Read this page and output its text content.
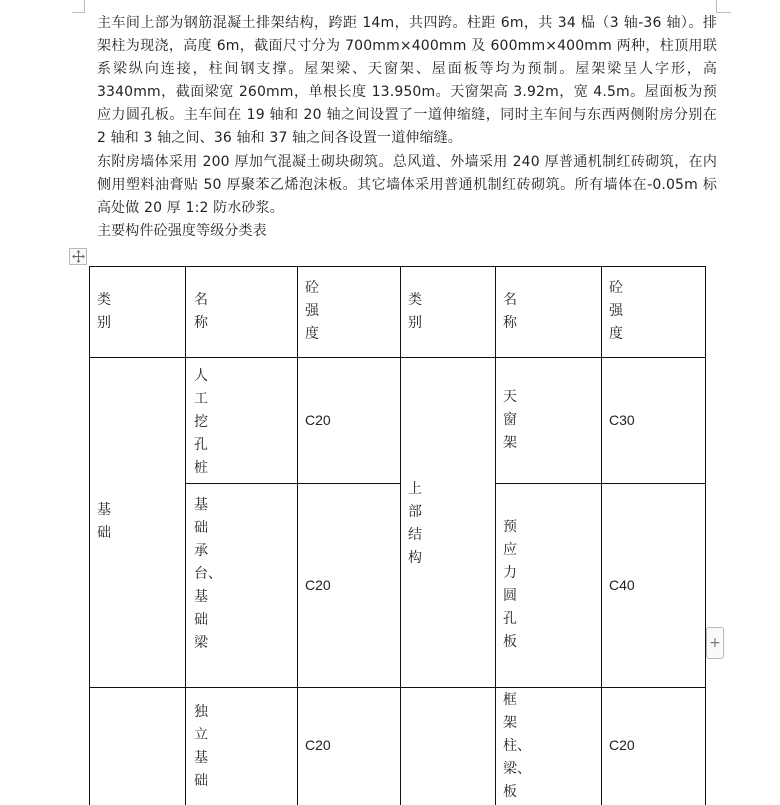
主车间上部为钢筋混凝土排架结构，跨距 14m，共四跨。柱距 6m，共 34 榀（3 轴-36 轴）。排架柱为现浇，高度 6m，截面尺寸分为 700mm×400mm 及 600mm×400mm 两种，柱顶用联系梁纵向连接，柱间钢支撑。屋架梁、天窗架、屋面板等均为预制。屋架梁呈人字形，高 3340mm，截面梁宽 260mm，单根长度 13.950m。天窗架高 3.92m，宽 4.5m。屋面板为预应力圆孔板。主车间在 19 轴和 20 轴之间设置了一道伸缩缝，同时主车间与东西两侧附房分别在 2 轴和 3 轴之间、36 轴和 37 轴之间各设置一道伸缩缝。

东附房墙体采用 200 厚加气混凝土砌块砌筑。总风道、外墙采用 240 厚普通机制红砖砌筑，在内侧用塑料油膏贴 50 厚聚苯乙烯泡沫板。其它墙体采用普通机制红砖砌筑。所有墙体在-0.05m 标高处做 20 厚 1:2 防水砂浆。

主要构件砼强度等级分类表

类别
名称
砼强度
类别
名称
砼强度
基础
上部结构
人工挖孔桩
C20
基础承台、基础梁
C20
独立基础
C20
天窗架
C30
预应力圆孔板
C40
框架柱、梁、板
C20
+
